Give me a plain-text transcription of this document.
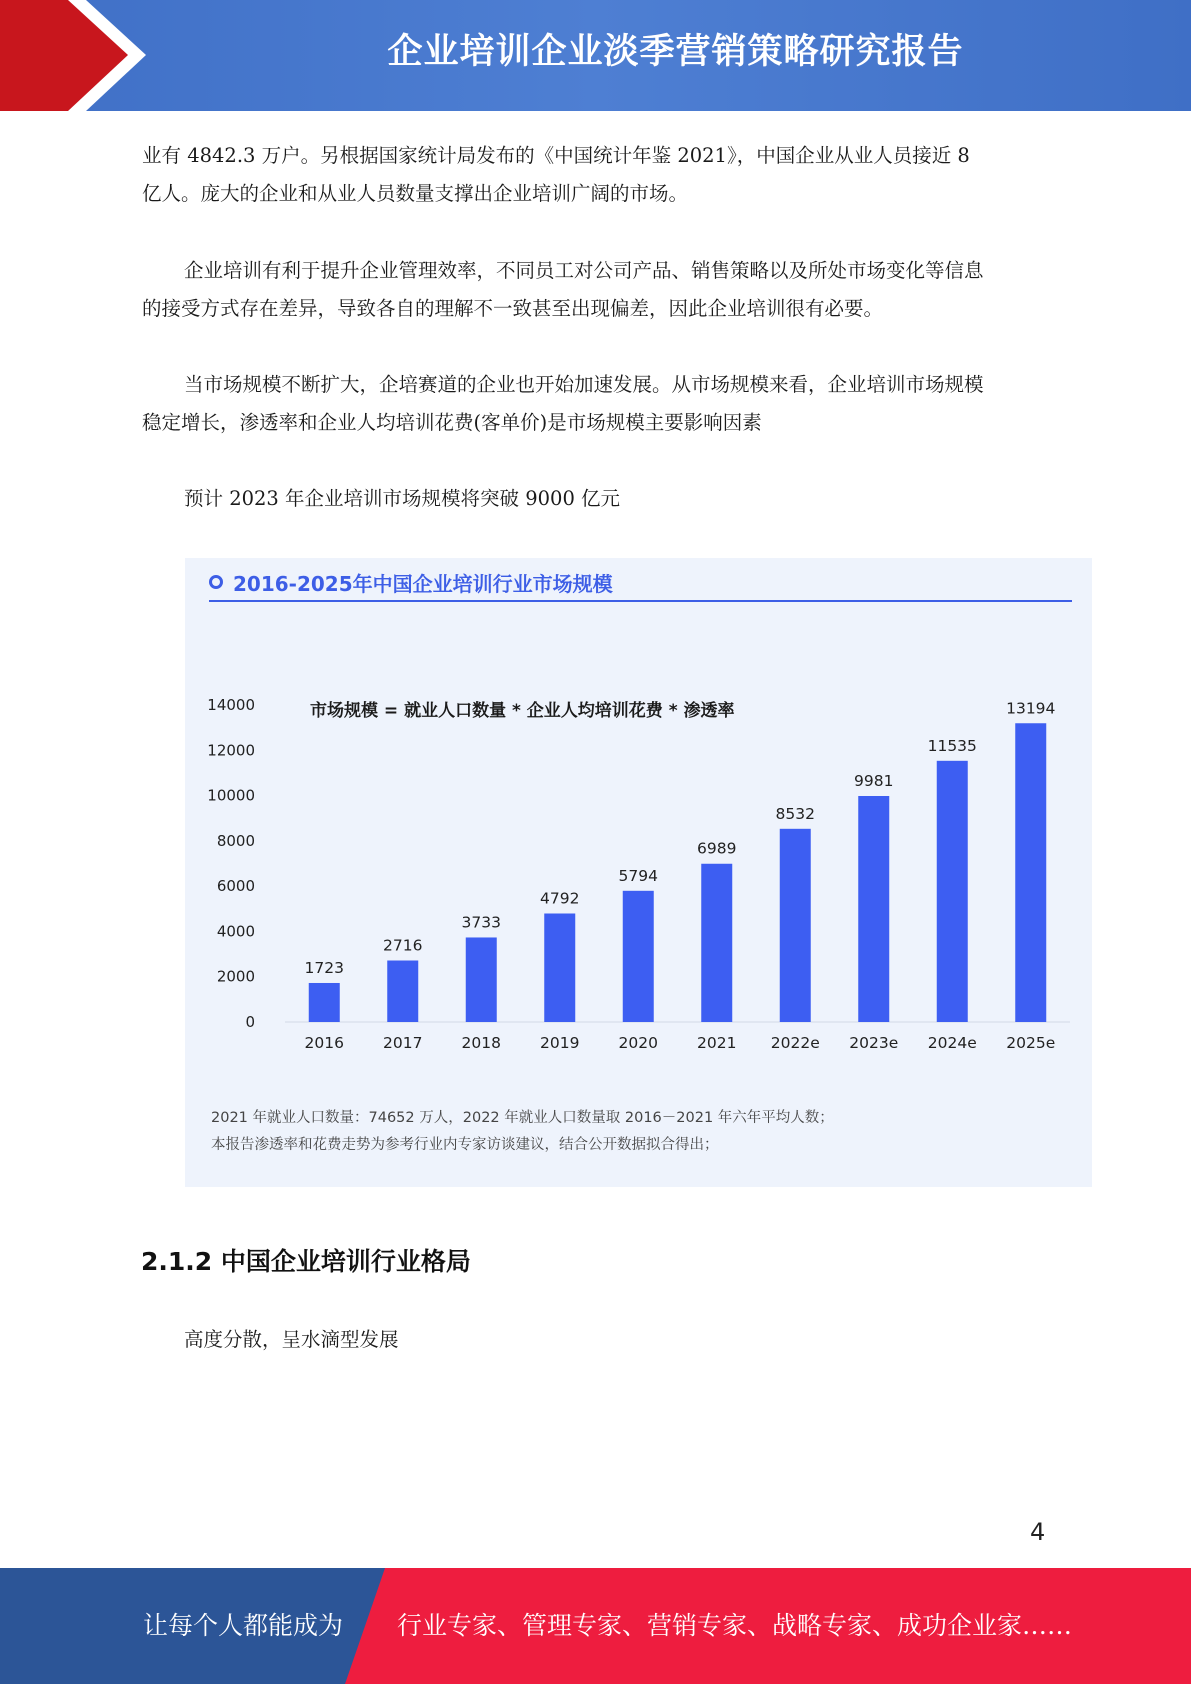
企业培训企业淡季营销策略研究报告
业有 4842.3 万户。另根据国家统计局发布的《中国统计年鉴 2021》，中国企业从业人员接近 8
亿人。庞大的企业和从业人员数量支撑出企业培训广阔的市场。
企业培训有利于提升企业管理效率，不同员工对公司产品、销售策略以及所处市场变化等信息
的接受方式存在差异，导致各自的理解不一致甚至出现偏差，因此企业培训很有必要。
当市场规模不断扩大，企培赛道的企业也开始加速发展。从市场规模来看，企业培训市场规模
稳定增长，渗透率和企业人均培训花费(客单价)是市场规模主要影响因素
预计 2023 年企业培训市场规模将突破 9000 亿元
0
2000
4000
6000
8000
10000
12000
14000
1723
2016
2716
2017
3733
2018
4792
2019
5794
2020
6989
2021
8532
2022e
9981
2023e
11535
2024e
13194
2025e
2016-2025年中国企业培训行业市场规模
市场规模 = 就业人口数量 * 企业人均培训花费 * 渗透率
2021 年就业人口数量：74652 万人，2022 年就业人口数量取 2016－2021 年六年平均人数；
本报告渗透率和花费走势为参考行业内专家访谈建议，结合公开数据拟合得出；
2.1.2 中国企业培训行业格局
高度分散，呈水滴型发展
4
让每个人都能成为 行业专家、管理专家、营销专家、战略专家、成功企业家……
